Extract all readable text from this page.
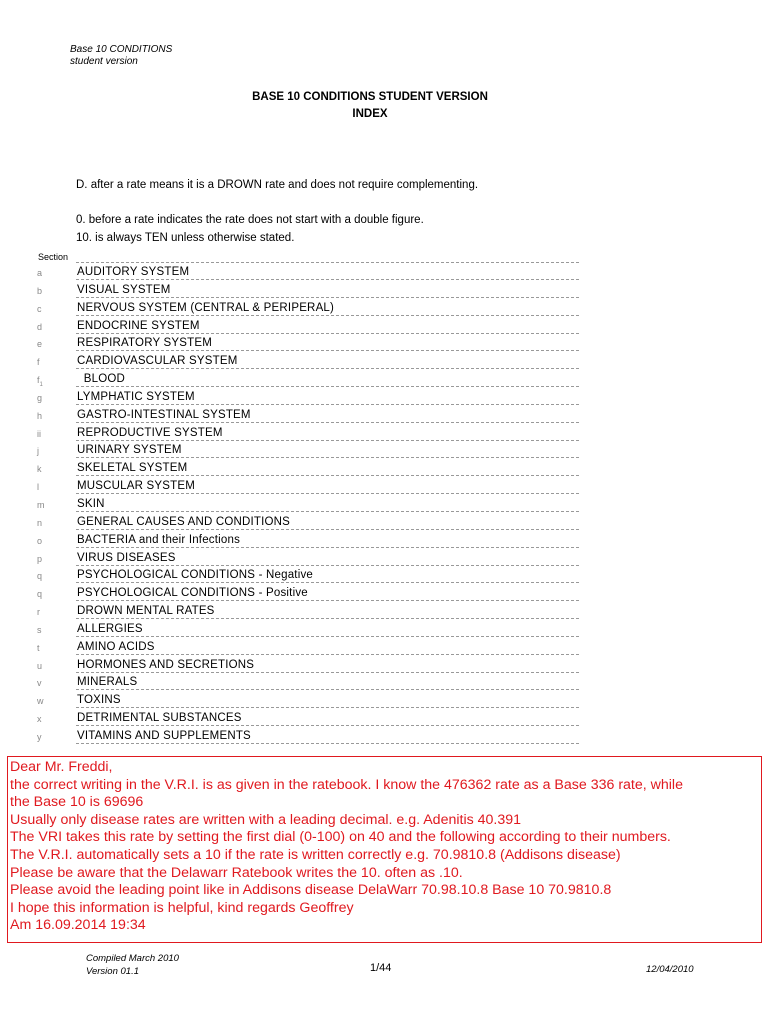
Base 10 CONDITIONS
student version
BASE 10 CONDITIONS STUDENT VERSION
INDEX
D. after a rate means it is a DROWN rate and does not require complementing.
0. before a rate indicates the rate does not start with a double figure.
10. is always TEN unless otherwise stated.
Section
a	AUDITORY SYSTEM
b	VISUAL SYSTEM
c	NERVOUS SYSTEM (CENTRAL & PERIPERAL)
d	ENDOCRINE SYSTEM
e	RESPIRATORY SYSTEM
f	CARDIOVASCULAR SYSTEM
$f_1$	BLOOD
g	LYMPHATIC SYSTEM
h	GASTRO-INTESTINAL SYSTEM
ii	REPRODUCTIVE SYSTEM
j	URINARY SYSTEM
k	SKELETAL SYSTEM
l	MUSCULAR SYSTEM
m	SKIN
n	GENERAL CAUSES AND CONDITIONS
o	BACTERIA and their Infections
p	VIRUS DISEASES
q	PSYCHOLOGICAL CONDITIONS - Negative
q	PSYCHOLOGICAL CONDITIONS - Positive
r	DROWN MENTAL RATES
s	ALLERGIES
t	AMINO ACIDS
u	HORMONES AND SECRETIONS
v	MINERALS
w	TOXINS
x	DETRIMENTAL SUBSTANCES
y	VITAMINS AND SUPPLEMENTS
Dear Mr. Freddi,
the correct writing in the V.R.I. is as given in the ratebook. I know the 476362 rate as a Base 336 rate, while
the Base 10 is 69696
Usually only disease rates are written with a leading decimal. e.g. Adenitis 40.391
The VRI takes this rate by setting the first dial (0-100) on 40 and the following according to their numbers.
The V.R.I. automatically sets a 10 if the rate is written correctly e.g. 70.9810.8 (Addisons disease)
Please be aware that the Delawarr Ratebook writes the 10. often as .10.
Please avoid the leading point like in Addisons disease DelaWarr 70.98.10.8 Base 10 70.9810.8
I hope this information is helpful, kind regards Geoffrey
Am 16.09.2014 19:34
Compiled March 2010
Version 01.1	1/44	12/04/2010
